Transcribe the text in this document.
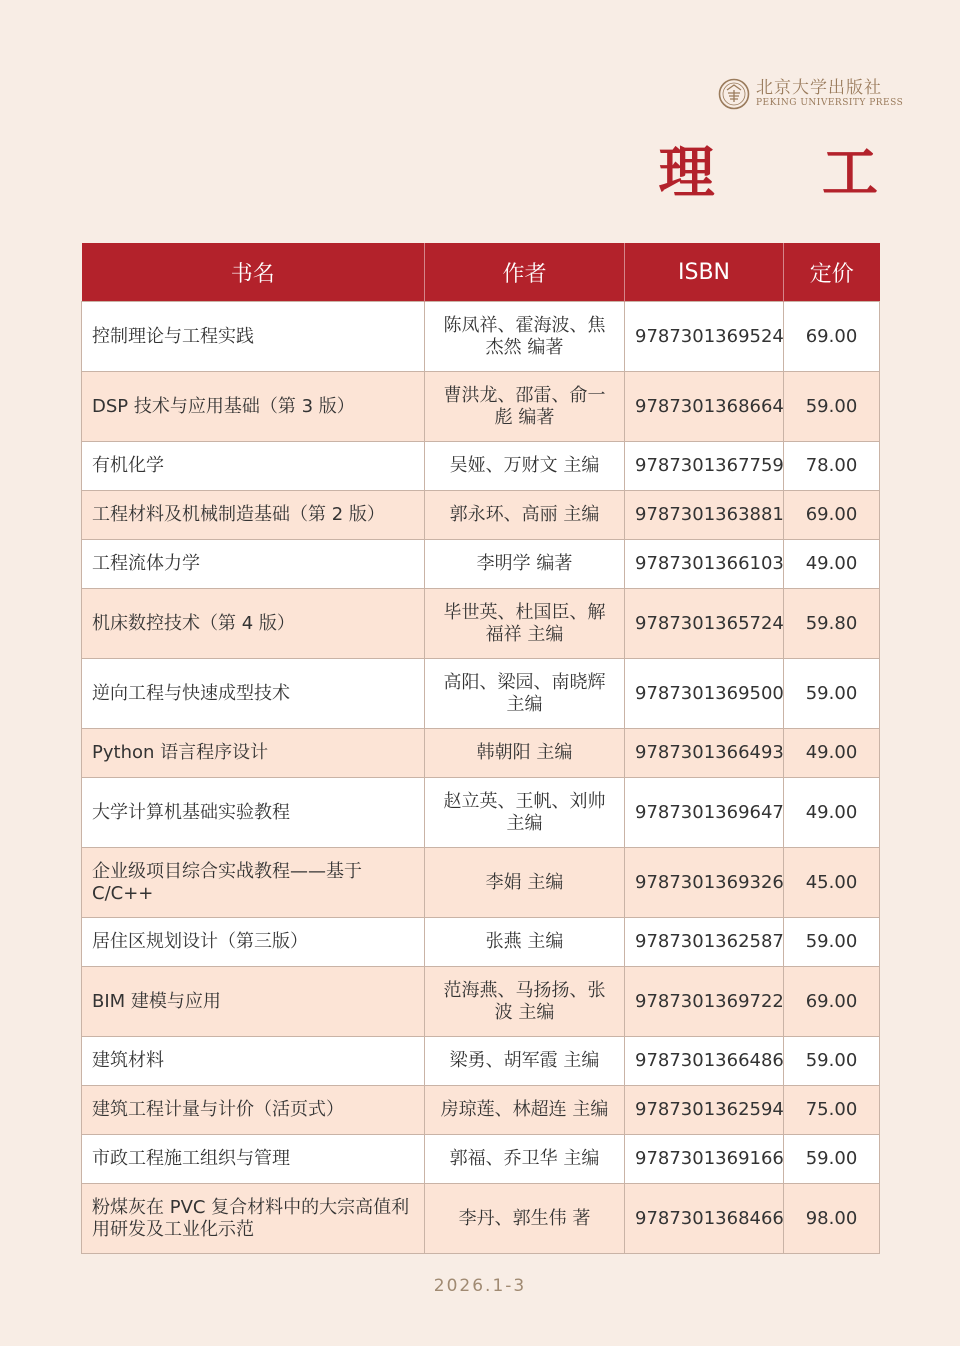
北京大学出版社
PEKING UNIVERSITY PRESS
理 工
书名	作者	ISBN	定价
控制理论与工程实践	陈凤祥、霍海波、焦杰然 编著	9787301369524	69.00
DSP 技术与应用基础（第 3 版）	曹洪龙、邵雷、俞一彪 编著	9787301368664	59.00
有机化学	吴娅、万财文 主编	9787301367759	78.00
工程材料及机械制造基础（第 2 版）	郭永环、高丽 主编	9787301363881	69.00
工程流体力学	李明学 编著	9787301366103	49.00
机床数控技术（第 4 版）	毕世英、杜国臣、解福祥 主编	9787301365724	59.80
逆向工程与快速成型技术	高阳、梁园、南晓辉 主编	9787301369500	59.00
Python 语言程序设计	韩朝阳 主编	9787301366493	49.00
大学计算机基础实验教程	赵立英、王帆、刘帅 主编	9787301369647	49.00
企业级项目综合实战教程——基于C/C++	李娟 主编	9787301369326	45.00
居住区规划设计（第三版）	张燕 主编	9787301362587	59.00
BIM 建模与应用	范海燕、马扬扬、张波 主编	9787301369722	69.00
建筑材料	梁勇、胡军霞 主编	9787301366486	59.00
建筑工程计量与计价（活页式）	房琼莲、林超连 主编	9787301362594	75.00
市政工程施工组织与管理	郭福、乔卫华 主编	9787301369166	59.00
粉煤灰在 PVC 复合材料中的大宗高值利用研发及工业化示范	李丹、郭生伟 著	9787301368466	98.00
2026.1-3
